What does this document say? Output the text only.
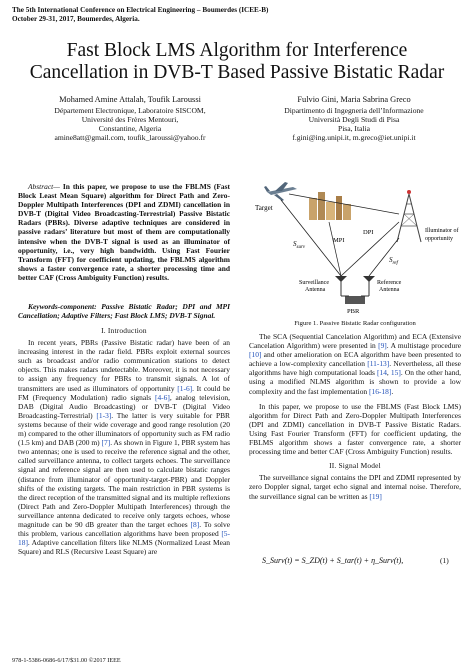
The 5th International Conference on Electrical Engineering – Boumerdes (ICEE-B)
October 29-31, 2017, Boumerdes, Algeria.
Fast Block LMS Algorithm for Interference
Cancellation in DVB-T Based Passive Bistatic Radar
Mohamed Amine Attalah, Toufik Laroussi
Département Electronique, Laboratoire SISCOM,
Université des Frères Mentouri,
Constantine, Algeria
amine8att@gmail.com, toufik_laroussi@yahoo.fr
Fulvio Gini, Maria Sabrina Greco
Dipartimento di Ingegneria dell’Informazione
Università Degli Studi di Pisa
Pisa, Italia
f.gini@ing.unipi.it, m.greco@iet.unipi.it

Abstract— In this paper, we propose to use the FBLMS (Fast Block Least Mean Square) algorithm for Direct Path and Zero-Doppler Multipath Interferences (DPI and ZDMI) cancellation in DVB-T (Digital Video Broadcasting-Terrestrial) Passive Bistatic Radars (PBRs). Diverse adaptive techniques are considered in passive radars’ literature but most of them are computationally intensive when the DVB-T signal is used as an illuminator of opportunity, i.e., very high bandwidth. Using Fast Fourier Transform (FFT) for coefficient updating, the FBLMS algorithm shows a faster convergence rate, a shorter processing time and better CAF (Cross Ambiguity Function) results.

Keywords-component: Passive Bistatic Radar; DPI and MPI Cancellation; Adaptive Filters; Fast Block LMS; DVB-T Signal.

I. Introduction

In recent years, PBRs (Passive Bistatic radar) have been of an increasing interest in the radar field. PBRs exploit external sources such as broadcast and/or radio communication stations to detect objects. This makes radars undetectable. Moreover, it is not necessary to assign any frequency for PBRs to transmit signals. A lot of transmitters are used as illuminators of opportunity [1-6]. It could be FM (Frequency Modulation) radio signals [4-6], analog television, DAB (Digital Audio Broadcasting) or DVB-T (Digital Video Broadcasting-Terrestrial) [1-3]. The latter is very suitable for PBR systems because of their wide coverage and good range resolution (20 m) compared to the other illuminators of opportunity such as FM radio (1.5 km) and DAB (200 m) [7]. As shown in Figure 1, PBR system has two antennas; one is used to receive the reference signal and the other, called surveillance antenna, to collect targets echoes. The surveillance signal and reference signal are then used to calculate bistatic ranges (distance from illuminator of opportunity-target-PBR) and Doppler shifts of the existing targets. The main restriction in PBR systems is the direct reception of the transmitted signal and its multiple reflexions (Direct Path and Zero-Doppler Multipath Interferences) through the surveillance antenna dedicated to receive only targets echoes, whose magnitude can be 90 dB greater than the target echoes [8]. To solve this problem, various cancellation algorithms have been proposed [5-18]. Adaptive cancellation filters like NLMS (Normalized Least Mean Square) and RLS (Recursive Least Square) are

Target
Illuminator of
opportunity
MPI
DPI
$S_{surv}$
$S_{ref}$
Surveillance
Antenna
Reference
Antenna
PBR
Figure 1. Passive Bistatic Radar configuration

The SCA (Sequential Cancelation Algorithm) and ECA (Extensive Cancelation Algorithm) were presented in [9]. A multistage procedure [10] and other amelioration on ECA algorithm have been presented to achieve a low-complexity cancellation [11-13]. Nevertheless, all these algorithms have high computational loads [14, 15]. On the other hand, using a modified NLMS algorithm is shown to provide a low complexity and the fast implementation [16-18].

In this paper, we propose to use the FBLMS (Fast Block LMS) algorithm for Direct Path and Zero-Doppler Multipath Interferences (DPI and ZDMI) cancellation in DVB-T Passive Bistatic Radars. Using Fast Fourier Transform (FFT) for coefficient updating, the FBLMS algorithm shows a faster convergence rate, a shorter processing time and better CAF (Cross Ambiguity Function) results.

II. Signal Model

The surveillance signal contains the DPI and ZDMI represented by zero Doppler signal, target echo signal and internal noise. Therefore, the surveillance signal can be written as [19]

S_Surv(t) = S_ZD(t) + S_tar(t) + η_Surv(t),	(1)
978-1-5386-0686-6/17/$31.00 ©2017 IEEE
